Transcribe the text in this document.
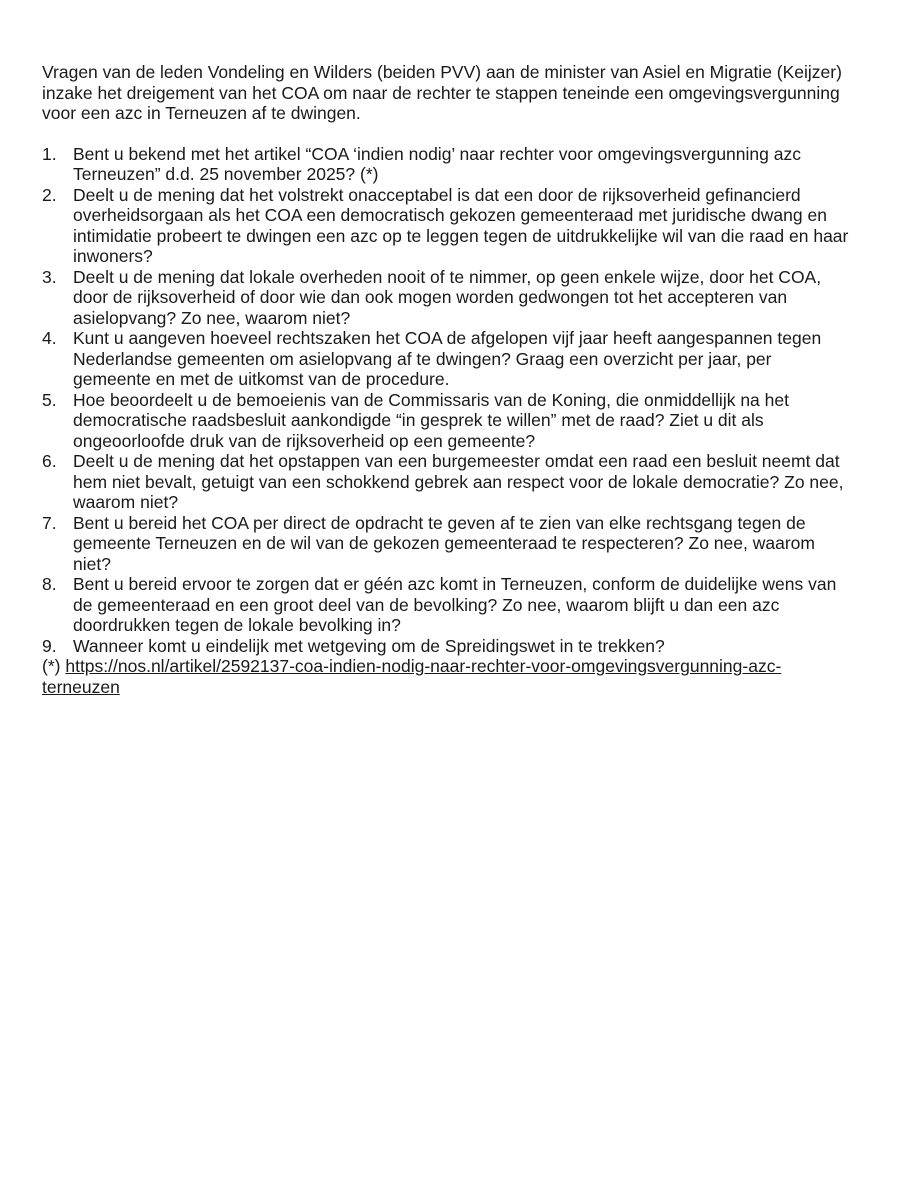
Vragen van de leden Vondeling en Wilders (beiden PVV) aan de minister van Asiel en Migratie (Keijzer) inzake het dreigement van het COA om naar de rechter te stappen teneinde een omgevingsvergunning voor een azc in Terneuzen af te dwingen.

1. Bent u bekend met het artikel “COA ‘indien nodig’ naar rechter voor omgevingsvergunning azc Terneuzen” d.d. 25 november 2025? (*)
2. Deelt u de mening dat het volstrekt onacceptabel is dat een door de rijksoverheid gefinancierd overheidsorgaan als het COA een democratisch gekozen gemeenteraad met juridische dwang en intimidatie probeert te dwingen een azc op te leggen tegen de uitdrukkelijke wil van die raad en haar inwoners?
3. Deelt u de mening dat lokale overheden nooit of te nimmer, op geen enkele wijze, door het COA, door de rijksoverheid of door wie dan ook mogen worden gedwongen tot het accepteren van asielopvang? Zo nee, waarom niet?
4. Kunt u aangeven hoeveel rechtszaken het COA de afgelopen vijf jaar heeft aangespannen tegen Nederlandse gemeenten om asielopvang af te dwingen? Graag een overzicht per jaar, per gemeente en met de uitkomst van de procedure.
5. Hoe beoordeelt u de bemoeienis van de Commissaris van de Koning, die onmiddellijk na het democratische raadsbesluit aankondigde “in gesprek te willen” met de raad? Ziet u dit als ongeoorloofde druk van de rijksoverheid op een gemeente?
6. Deelt u de mening dat het opstappen van een burgemeester omdat een raad een besluit neemt dat hem niet bevalt, getuigt van een schokkend gebrek aan respect voor de lokale democratie? Zo nee, waarom niet?
7. Bent u bereid het COA per direct de opdracht te geven af te zien van elke rechtsgang tegen de gemeente Terneuzen en de wil van de gekozen gemeenteraad te respecteren? Zo nee, waarom niet?
8. Bent u bereid ervoor te zorgen dat er géén azc komt in Terneuzen, conform de duidelijke wens van de gemeenteraad en een groot deel van de bevolking? Zo nee, waarom blijft u dan een azc doordrukken tegen de lokale bevolking in?
9. Wanneer komt u eindelijk met wetgeving om de Spreidingswet in te trekken?

(*) https://nos.nl/artikel/2592137-coa-indien-nodig-naar-rechter-voor-omgevingsvergunning-azc-terneuzen
